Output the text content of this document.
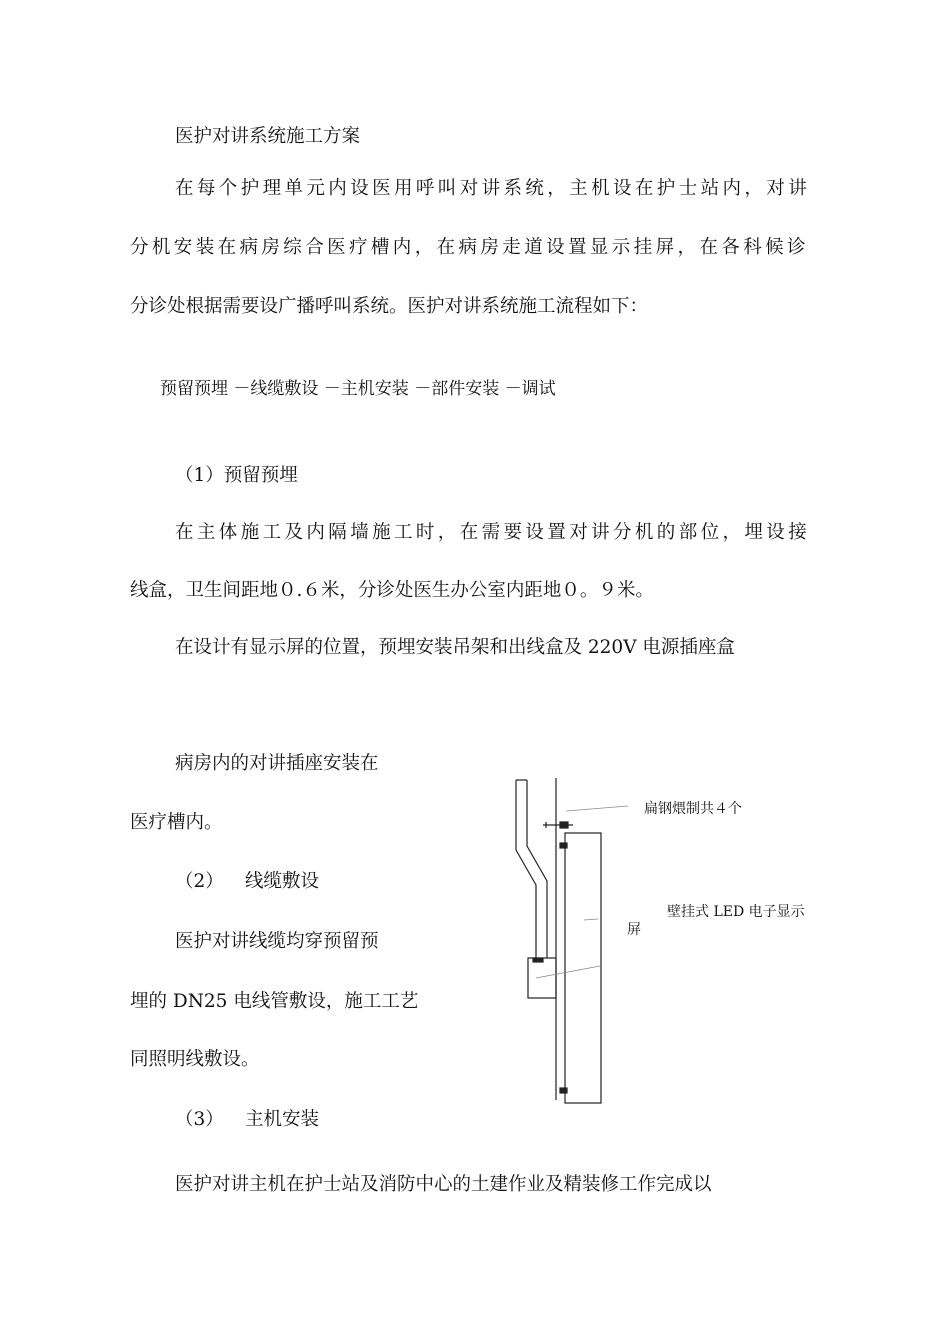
医护对讲系统施工方案
在每个护理单元内设医用呼叫对讲系统，主机设在护士站内，对讲
分机安装在病房综合医疗槽内，在病房走道设置显示挂屏，在各科候诊
分诊处根据需要设广播呼叫系统。医护对讲系统施工流程如下：
预留预埋 －线缆敷设 －主机安装 －部件安装 －调试
（1）预留预埋
在主体施工及内隔墙施工时，在需要设置对讲分机的部位，埋设接
线盒，卫生间距地０.６米，分诊处医生办公室内距地０。９米。
在设计有显示屏的位置，预埋安装吊架和出线盒及 220V 电源插座盒
病房内的对讲插座安装在
医疗槽内。
（2） 线缆敷设
医护对讲线缆均穿预留预
埋的 DN25 电线管敷设，施工工艺
同照明线敷设。
（3） 主机安装
医护对讲主机在护士站及消防中心的土建作业及精装修工作完成以
扁钢煨制共４个
壁挂式 LED 电子显示
屏
